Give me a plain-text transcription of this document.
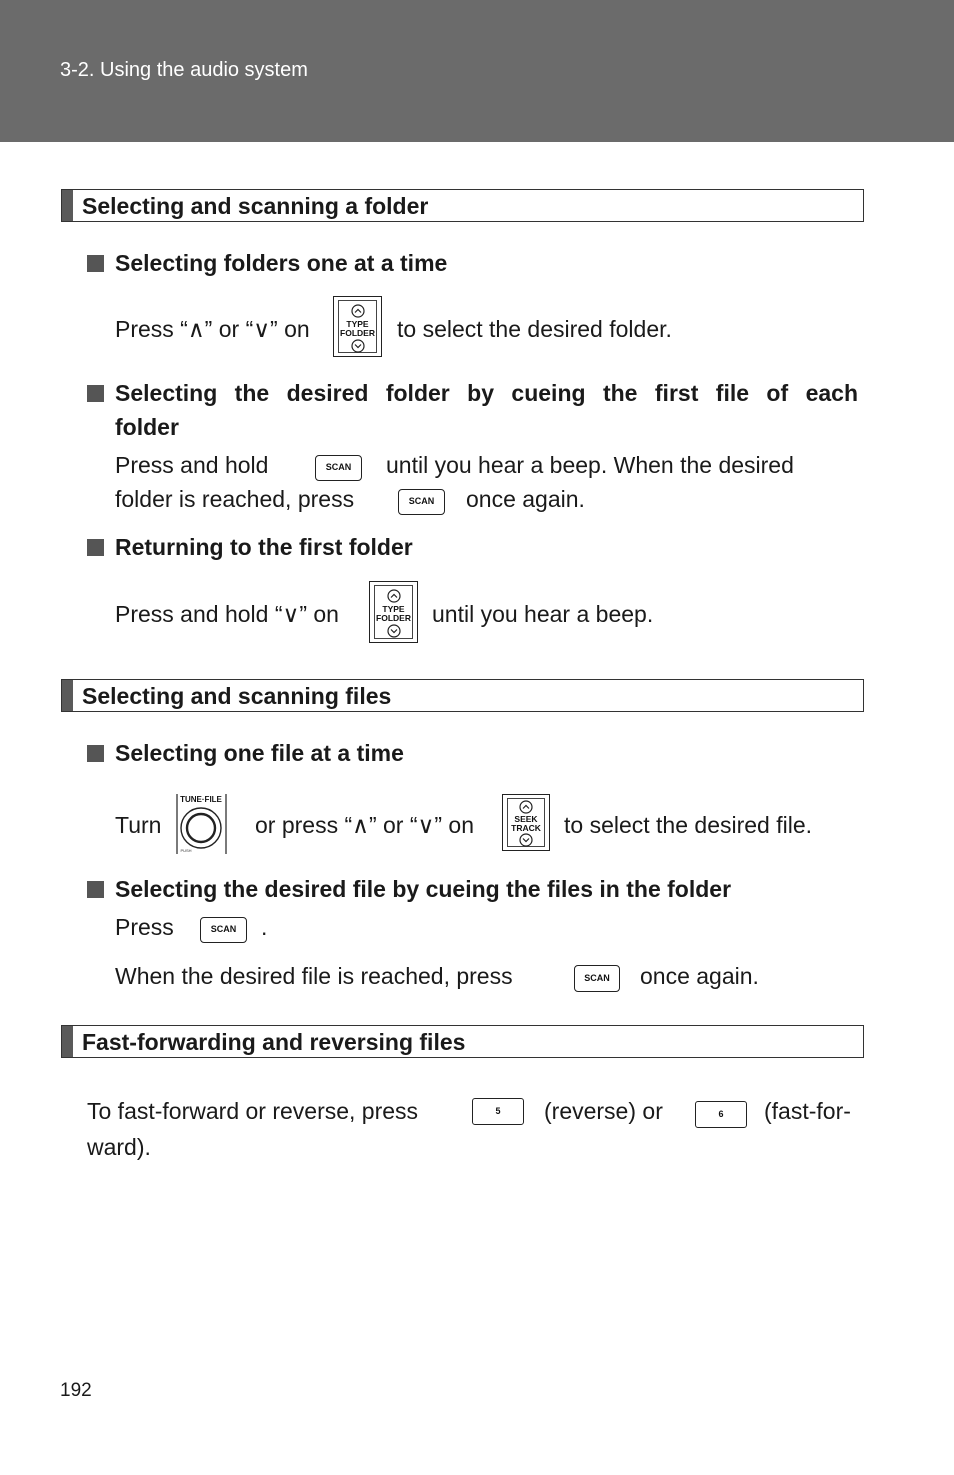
3-2. Using the audio system
Selecting and scanning a folder
Selecting folders one at a time
Press “∧” or “∨” on	TYPE
FOLDER to select the desired folder.
Selecting the desired folder by cueing the first file of each
folder
Press and hold	SCAN	until you hear a beep. When the desired
folder is reached, press	SCAN	once again.
Returning to the first folder
Press and hold “∨” on	TYPE
FOLDER until you hear a beep.
Selecting and scanning files
Selecting one file at a time
Turn
TUNE·FILE
PUSH
or press “∧” or “∨” on	SEEK
TRACK	to select the desired file.
Selecting the desired file by cueing the files in the folder
Press	SCAN	.
When the desired file is reached, press	SCAN	once again.
Fast-forwarding and reversing files
To fast-forward or reverse, press	5	(reverse) or	6	(fast-for-
ward).
192
